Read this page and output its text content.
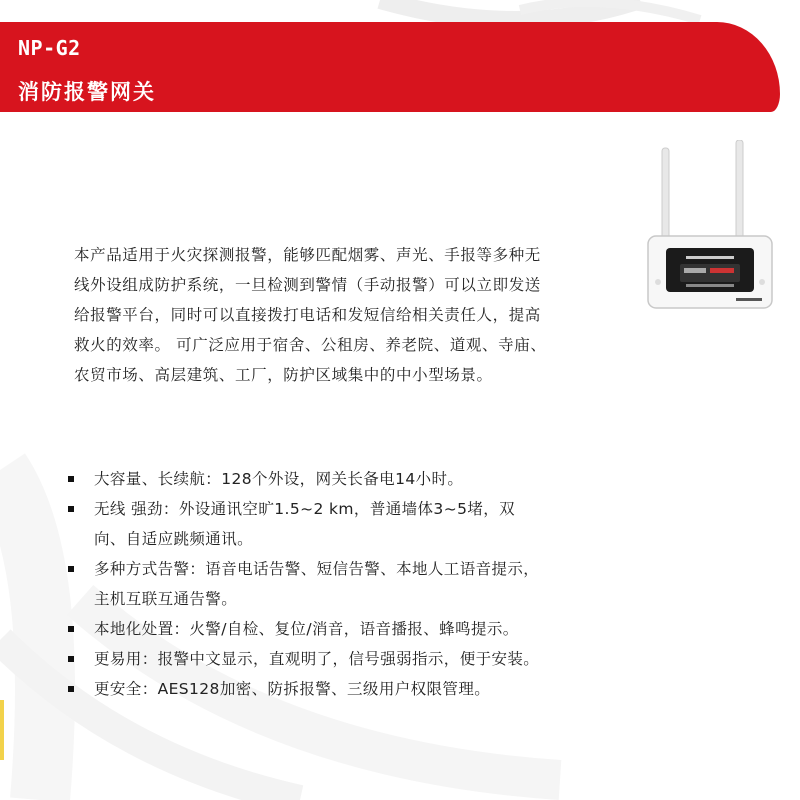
NP-G2
消防报警网关
本产品适用于火灾探测报警，能够匹配烟雾、声光、手报等多种无线外设组成防护系统，一旦检测到警情（手动报警）可以立即发送给报警平台，同时可以直接拨打电话和发短信给相关责任人，提高救火的效率。 可广泛应用于宿舍、公租房、养老院、道观、寺庙、农贸市场、高层建筑、工厂，防护区域集中的中小型场景。
大容量、长续航：128个外设，网关长备电14小时。
无线 强劲：外设通讯空旷1.5~2 km，普通墙体3~5堵，双向、自适应跳频通讯。
多种方式告警：语音电话告警、短信告警、本地人工语音提示，主机互联互通告警。
本地化处置：火警/自检、复位/消音，语音播报、蜂鸣提示。
更易用：报警中文显示，直观明了，信号强弱指示，便于安装。
更安全：AES128加密、防拆报警、三级用户权限管理。
